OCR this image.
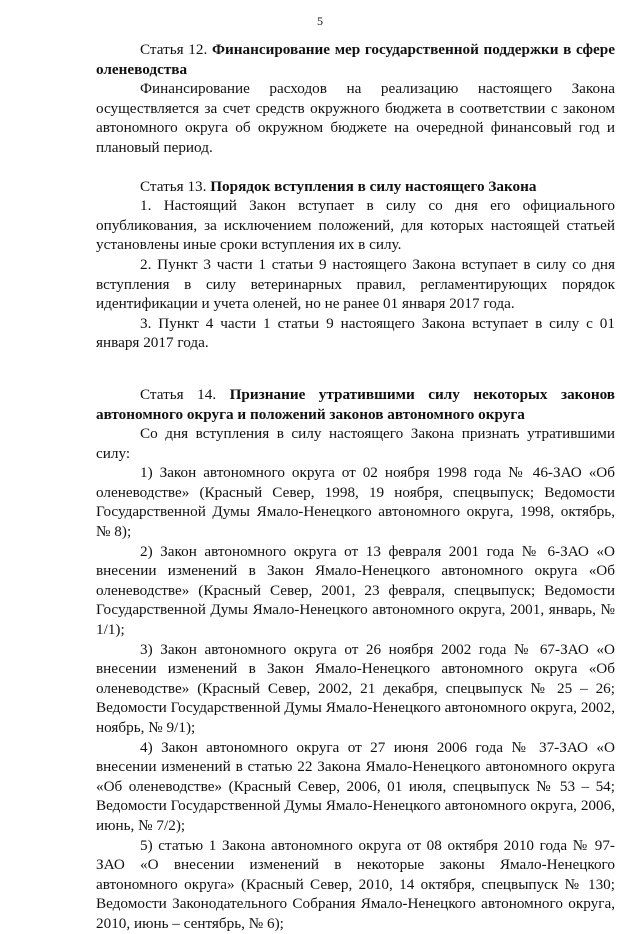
5

Статья 12. Финансирование мер государственной поддержки в сфере оленеводства

Финансирование расходов на реализацию настоящего Закона осуществляется за счет средств окружного бюджета в соответствии с законом автономного округа об окружном бюджете на очередной финансовый год и плановый период.

Статья 13. Порядок вступления в силу настоящего Закона

1. Настоящий Закон вступает в силу со дня его официального опубликования, за исключением положений, для которых настоящей статьей установлены иные сроки вступления их в силу.

2. Пункт 3 части 1 статьи 9 настоящего Закона вступает в силу со дня вступления в силу ветеринарных правил, регламентирующих порядок идентификации и учета оленей, но не ранее 01 января 2017 года.

3. Пункт 4 части 1 статьи 9 настоящего Закона вступает в силу с 01 января 2017 года.

Статья 14. Признание утратившими силу некоторых законов автономного округа и положений законов автономного округа

Со дня вступления в силу настоящего Закона признать утратившими силу:

1) Закон автономного округа от 02 ноября 1998 года № 46-ЗАО «Об оленеводстве» (Красный Север, 1998, 19 ноября, спецвыпуск; Ведомости Государственной Думы Ямало-Ненецкого автономного округа, 1998, октябрь, № 8);

2) Закон автономного округа от 13 февраля 2001 года № 6-ЗАО «О внесении изменений в Закон Ямало-Ненецкого автономного округа «Об оленеводстве» (Красный Север, 2001, 23 февраля, спецвыпуск; Ведомости Государственной Думы Ямало-Ненецкого автономного округа, 2001, январь, № 1/1);

3) Закон автономного округа от 26 ноября 2002 года № 67-ЗАО «О внесении изменений в Закон Ямало-Ненецкого автономного округа «Об оленеводстве» (Красный Север, 2002, 21 декабря, спецвыпуск № 25 – 26; Ведомости Государственной Думы Ямало-Ненецкого автономного округа, 2002, ноябрь, № 9/1);

4) Закон автономного округа от 27 июня 2006 года № 37-ЗАО «О внесении изменений в статью 22 Закона Ямало-Ненецкого автономного округа «Об оленеводстве» (Красный Север, 2006, 01 июля, спецвыпуск № 53 – 54; Ведомости Государственной Думы Ямало-Ненецкого автономного округа, 2006, июнь, № 7/2);

5) статью 1 Закона автономного округа от 08 октября 2010 года № 97-ЗАО «О внесении изменений в некоторые законы Ямало-Ненецкого автономного округа» (Красный Север, 2010, 14 октября, спецвыпуск № 130; Ведомости Законодательного Собрания Ямало-Ненецкого автономного округа, 2010, июнь – сентябрь, № 6);
